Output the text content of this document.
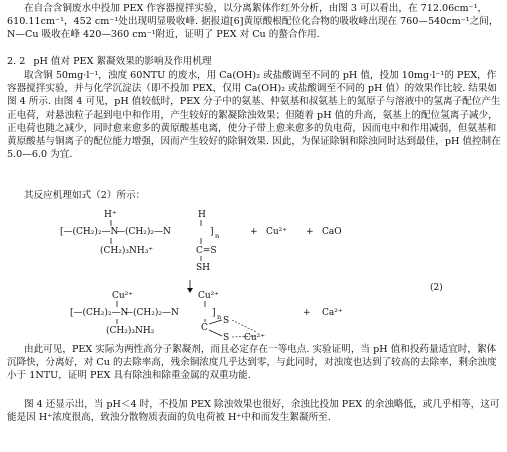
在自合含铜废水中投加 PEX 作容器搅拌实验，以分离絮体作红外分析，由图 3 可以看出，在 712.06cm⁻¹，610.11cm⁻¹，452 cm⁻¹处出现明显吸收峰. 据报道[6]黄原酸根配位化合物的吸收峰出现在 760—540cm⁻¹之间，N—Cu 吸收在峰 420—360 cm⁻¹附近，证明了 PEX 对 Cu 的螯合作用.
2. 2 pH 值对 PEX 絮凝效果的影响及作用机理
取含铜 50mg·l⁻¹，浊度 60NTU 的废水，用 Ca(OH)₂ 或盐酸调至不同的 pH 值，投加 10mg·l⁻¹的 PEX，作容器搅拌实验，并与化学沉淀法（即不投加 PEX，仅用 Ca(OH)₂ 或盐酸调至不同的 pH 值）的效果作比较. 结果如图 4 所示. 由图 4 可见，pH 值较低时，PEX 分子中的氨基、仲氨基和叔氨基上的氮原子与溶液中的氢离子配位产生正电荷，对悬浊粒子起到电中和作用，产生较好的絮凝除浊效果；但随着 pH 值的升高，氨基上的配位氢离子减少，正电荷也随之减少，同时愈来愈多的黄原酸基电离，使分子带上愈来愈多的负电荷，因而电中和作用减弱，但氨基和黄原酸基与铜离子的配位能力增强，因而产生较好的除铜效果. 因此，为保证除铜和除浊同时达到最佳，pH 值控制在 5.0—6.0 为宜.
其反应机理如式（2）所示：
H⁺	H
[—(CH₂)₂—N
—(CH₂)₂—N	] n
(CH₂)₃NH₃⁺	C=S
SH
+ Cu²⁺ + CaO
Cu²⁺	Cu²⁺
[—(CH₂)₂—N
—(CH₂)₂—N	] n
(CH₂)₃NH₂	C
S
S Cu²⁺
+ Ca²⁺
(2)
由此可见，PEX 实际为两性高分子絮凝剂，而且必定存在一等电点. 实验证明，当 pH 值和投药量适宜时，絮体沉降快，分离好，对 Cu 的去除率高，残余铜浓度几乎达到零，与此同时，对浊度也达到了较高的去除率，剩余浊度小于 1NTU，证明 PEX 具有除浊和除重金属的双重功能.
图 4 还显示出，当 pH＜4 时，不投加 PEX 除浊效果也很好，余浊比投加 PEX 的余浊略低，或几乎相等，这可能是因 H⁺浓度很高，致浊分散物质表面的负电荷被 H⁺中和而发生絮凝所至.
